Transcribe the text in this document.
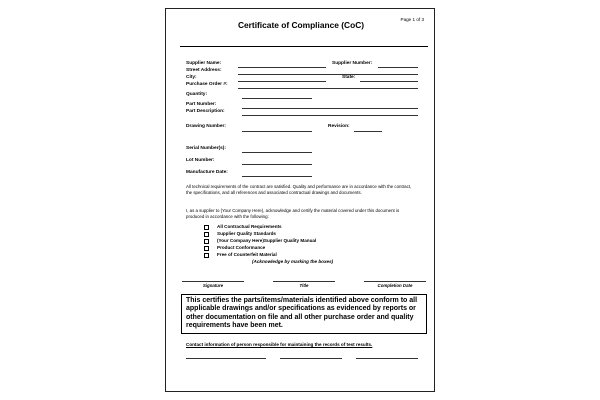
Certificate of Compliance (CoC)
Page 1 of 3
Supplier Name:	Supplier Number:
Street Address:
City:	State:
Purchase Order #:
Quantity:
Part Number:
Part Description:
Drawing Number:	Revision:
Serial Number(s):
Lot Number:
Manufacture Date:
All technical requirements of the contract are satisfied. Quality and performance are in accordance with the contract, the specifications, and all references and associated contractual drawings and documents.
I, as a supplier to (Your Company Here), acknowledge and certify the material covered under this document is produced in accordance with the following:
All Contractual Requirements
Supplier Quality Standards
(Your Company Here)Supplier Quality Manual
Product Conformance
Free of Counterfeit Material
(Acknowledge by marking the boxes)
Signature	Title	Completion Date
This certifies the parts/items/materials identified above conform to all applicable drawings and/or specifications as evidenced by reports or other documentation on file and all other purchase order and quality requirements have been met.
Contact information of person responsible for maintaining the records of test results.
